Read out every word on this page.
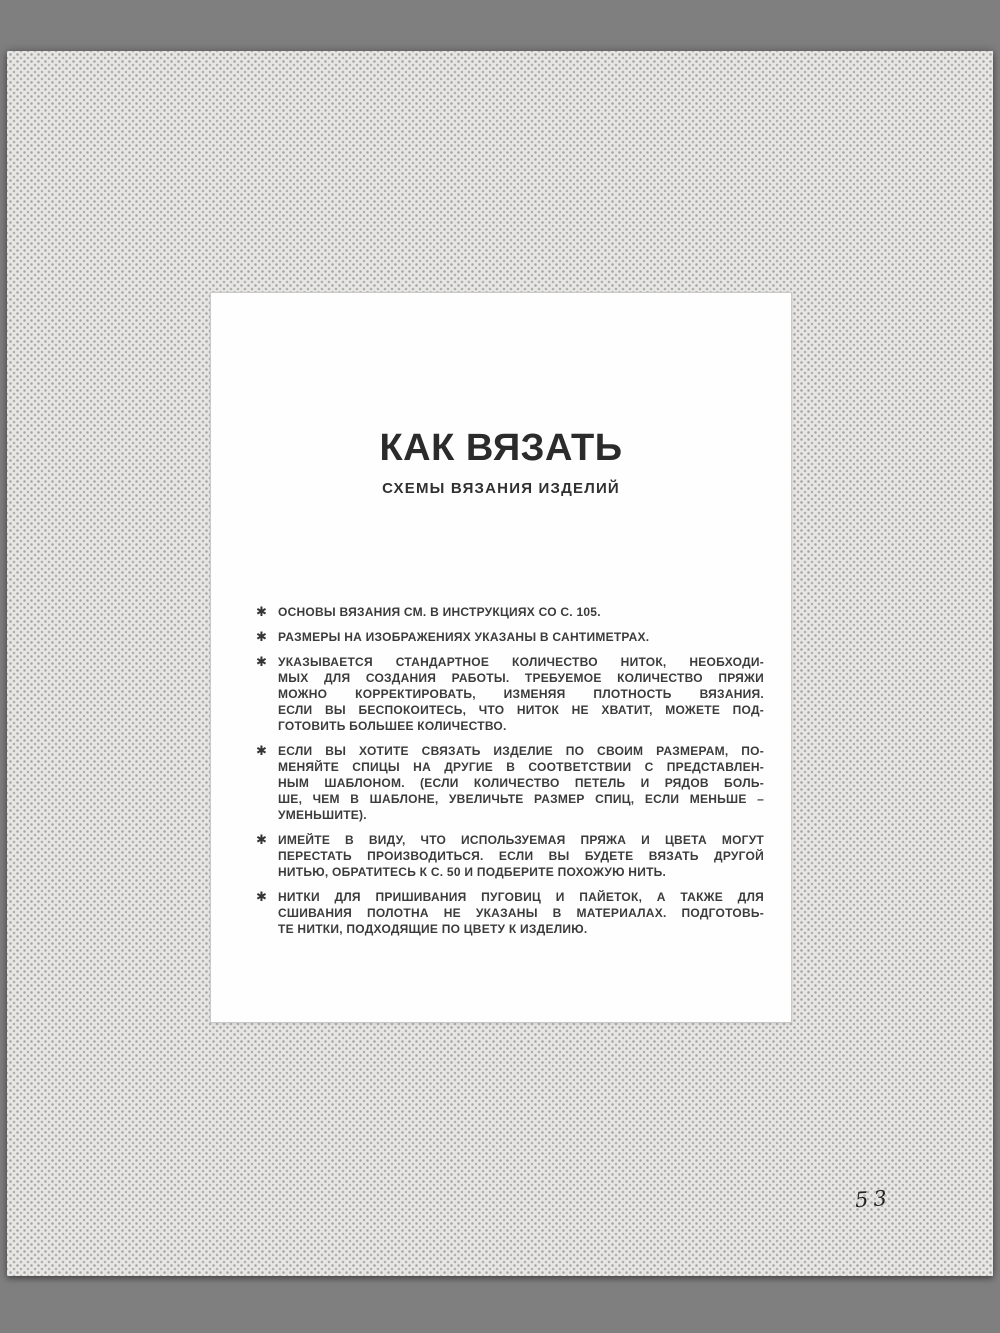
КАК ВЯЗАТЬ
СХЕМЫ ВЯЗАНИЯ ИЗДЕЛИЙ
✱ ОСНОВЫ ВЯЗАНИЯ СМ. В ИНСТРУКЦИЯХ СО С. 105.
✱ РАЗМЕРЫ НА ИЗОБРАЖЕНИЯХ УКАЗАНЫ В САНТИМЕТРАХ.
✱ УКАЗЫВАЕТСЯ СТАНДАРТНОЕ КОЛИЧЕСТВО НИТОК, НЕОБХОДИ-
МЫХ ДЛЯ СОЗДАНИЯ РАБОТЫ. ТРЕБУЕМОЕ КОЛИЧЕСТВО ПРЯЖИ
МОЖНО КОРРЕКТИРОВАТЬ, ИЗМЕНЯЯ ПЛОТНОСТЬ ВЯЗАНИЯ.
ЕСЛИ ВЫ БЕСПОКОИТЕСЬ, ЧТО НИТОК НЕ ХВАТИТ, МОЖЕТЕ ПОД-
ГОТОВИТЬ БОЛЬШЕЕ КОЛИЧЕСТВО.
✱ ЕСЛИ ВЫ ХОТИТЕ СВЯЗАТЬ ИЗДЕЛИЕ ПО СВОИМ РАЗМЕРАМ, ПО-
МЕНЯЙТЕ СПИЦЫ НА ДРУГИЕ В СООТВЕТСТВИИ С ПРЕДСТАВЛЕН-
НЫМ ШАБЛОНОМ. (ЕСЛИ КОЛИЧЕСТВО ПЕТЕЛЬ И РЯДОВ БОЛЬ-
ШЕ, ЧЕМ В ШАБЛОНЕ, УВЕЛИЧЬТЕ РАЗМЕР СПИЦ, ЕСЛИ МЕНЬШЕ –
УМЕНЬШИТЕ).
✱ ИМЕЙТЕ В ВИДУ, ЧТО ИСПОЛЬЗУЕМАЯ ПРЯЖА И ЦВЕТА МОГУТ
ПЕРЕСТАТЬ ПРОИЗВОДИТЬСЯ. ЕСЛИ ВЫ БУДЕТЕ ВЯЗАТЬ ДРУГОЙ
НИТЬЮ, ОБРАТИТЕСЬ К С. 50 И ПОДБЕРИТЕ ПОХОЖУЮ НИТЬ.
✱ НИТКИ ДЛЯ ПРИШИВАНИЯ ПУГОВИЦ И ПАЙЕТОК, А ТАКЖЕ ДЛЯ
СШИВАНИЯ ПОЛОТНА НЕ УКАЗАНЫ В МАТЕРИАЛАХ. ПОДГОТОВЬ-
ТЕ НИТКИ, ПОДХОДЯЩИЕ ПО ЦВЕТУ К ИЗДЕЛИЮ.
53
